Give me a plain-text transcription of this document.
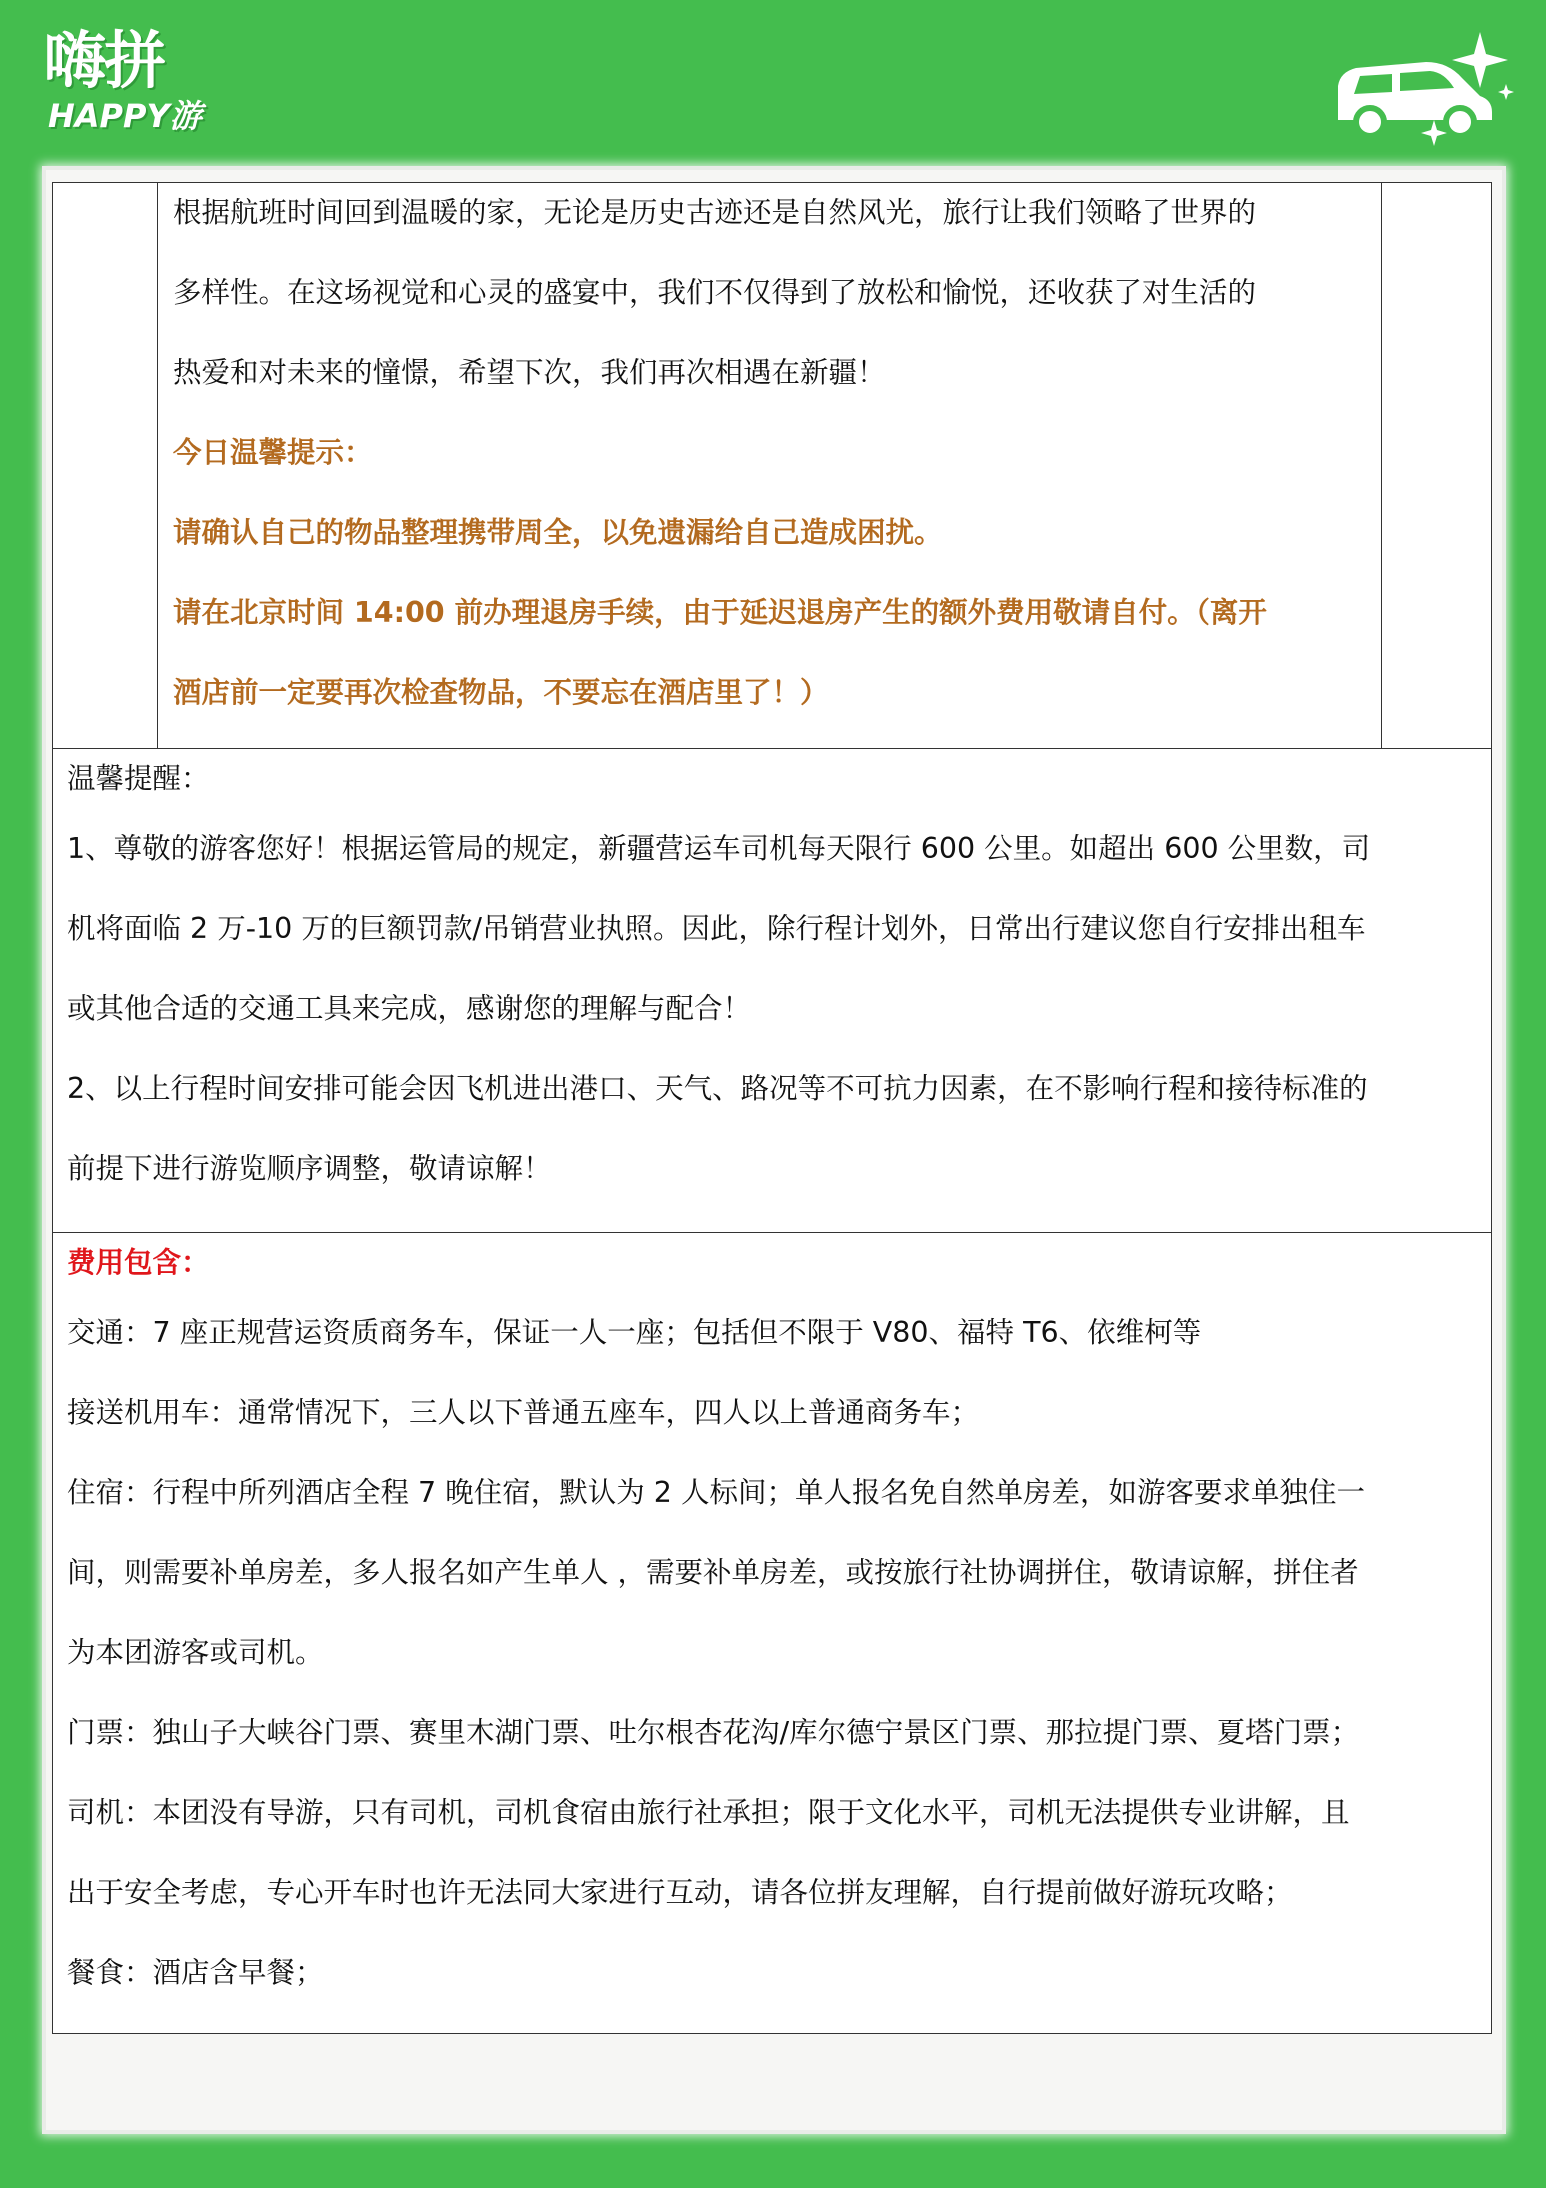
嗨拼
HAPPY游
根据航班时间回到温暖的家，无论是历史古迹还是自然风光，旅行让我们领略了世界的
多样性。在这场视觉和心灵的盛宴中，我们不仅得到了放松和愉悦，还收获了对生活的
热爱和对未来的憧憬，希望下次，我们再次相遇在新疆！
今日温馨提示：
请确认自己的物品整理携带周全，以免遗漏给自己造成困扰。
请在北京时间 14:00 前办理退房手续，由于延迟退房产生的额外费用敬请自付。（离开
酒店前一定要再次检查物品，不要忘在酒店里了！）
温馨提醒：
1、尊敬的游客您好！根据运管局的规定，新疆营运车司机每天限行 600 公里。如超出 600 公里数，司
机将面临 2 万-10 万的巨额罚款/吊销营业执照。因此，除行程计划外，日常出行建议您自行安排出租车
或其他合适的交通工具来完成，感谢您的理解与配合！
2、以上行程时间安排可能会因飞机进出港口、天气、路况等不可抗力因素，在不影响行程和接待标准的
前提下进行游览顺序调整，敬请谅解！
费用包含：
交通：7 座正规营运资质商务车，保证一人一座；包括但不限于 V80、福特 T6、依维柯等
接送机用车：通常情况下，三人以下普通五座车，四人以上普通商务车；
住宿：行程中所列酒店全程 7 晚住宿，默认为 2 人标间；单人报名免自然单房差，如游客要求单独住一
间，则需要补单房差，多人报名如产生单人 ，需要补单房差，或按旅行社协调拼住，敬请谅解，拼住者
为本团游客或司机。
门票：独山子大峡谷门票、赛里木湖门票、吐尔根杏花沟/库尔德宁景区门票、那拉提门票、夏塔门票；
司机：本团没有导游，只有司机，司机食宿由旅行社承担；限于文化水平，司机无法提供专业讲解，且
出于安全考虑，专心开车时也许无法同大家进行互动，请各位拼友理解，自行提前做好游玩攻略；
餐食：酒店含早餐；
